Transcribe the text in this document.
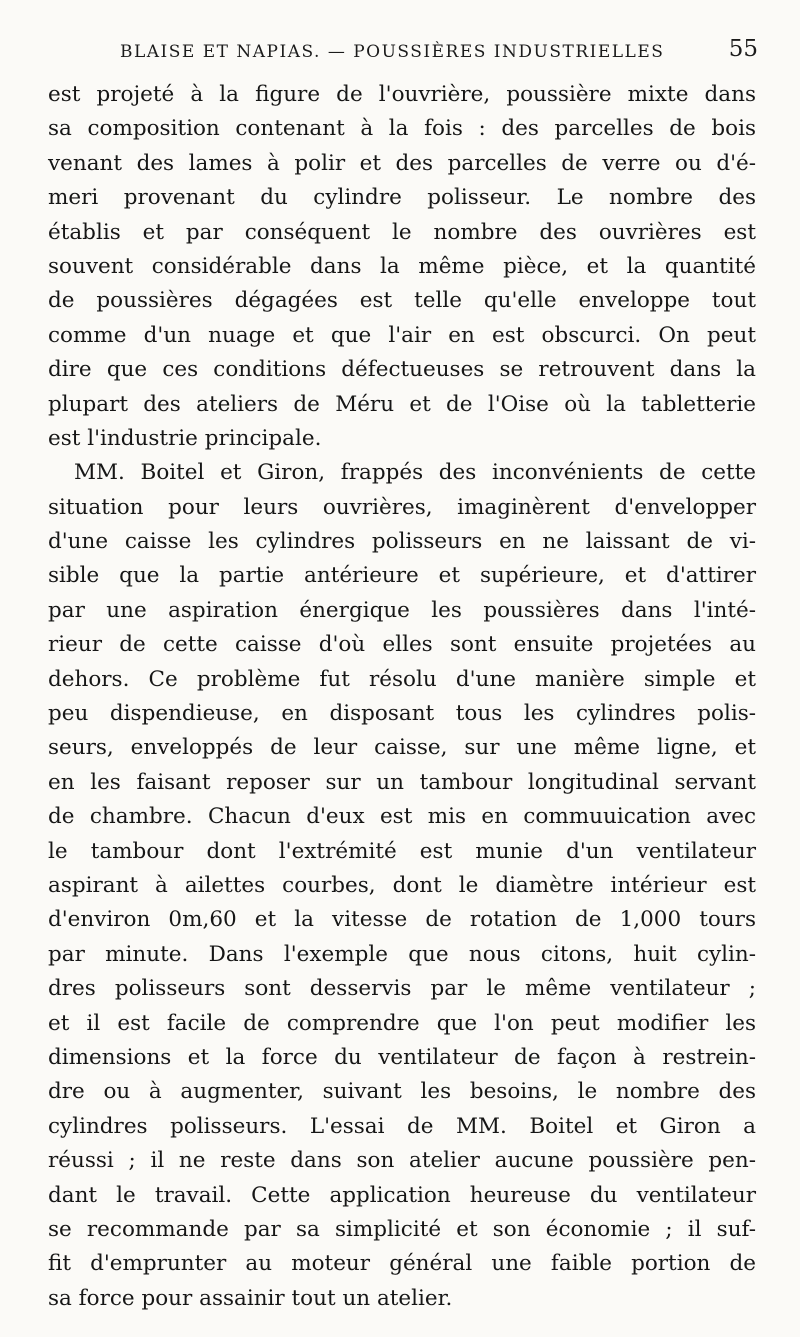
BLAISE ET NAPIAS. — POUSSIÈRES INDUSTRIELLES	55
est projeté à la figure de l'ouvrière, poussière mixte dans
sa composition contenant à la fois : des parcelles de bois
venant des lames à polir et des parcelles de verre ou d'é-
meri provenant du cylindre polisseur. Le nombre des
établis et par conséquent le nombre des ouvrières est
souvent considérable dans la même pièce, et la quantité
de poussières dégagées est telle qu'elle enveloppe tout
comme d'un nuage et que l'air en est obscurci. On peut
dire que ces conditions défectueuses se retrouvent dans la
plupart des ateliers de Méru et de l'Oise où la tabletterie
est l'industrie principale.
MM. Boitel et Giron, frappés des inconvénients de cette
situation pour leurs ouvrières, imaginèrent d'envelopper
d'une caisse les cylindres polisseurs en ne laissant de vi-
sible que la partie antérieure et supérieure, et d'attirer
par une aspiration énergique les poussières dans l'inté-
rieur de cette caisse d'où elles sont ensuite projetées au
dehors. Ce problème fut résolu d'une manière simple et
peu dispendieuse, en disposant tous les cylindres polis-
seurs, enveloppés de leur caisse, sur une même ligne, et
en les faisant reposer sur un tambour longitudinal servant
de chambre. Chacun d'eux est mis en commuuication avec
le tambour dont l'extrémité est munie d'un ventilateur
aspirant à ailettes courbes, dont le diamètre intérieur est
d'environ 0m,60 et la vitesse de rotation de 1,000 tours
par minute. Dans l'exemple que nous citons, huit cylin-
dres polisseurs sont desservis par le même ventilateur ;
et il est facile de comprendre que l'on peut modifier les
dimensions et la force du ventilateur de façon à restrein-
dre ou à augmenter, suivant les besoins, le nombre des
cylindres polisseurs. L'essai de MM. Boitel et Giron a
réussi ; il ne reste dans son atelier aucune poussière pen-
dant le travail. Cette application heureuse du ventilateur
se recommande par sa simplicité et son économie ; il suf-
fit d'emprunter au moteur général une faible portion de
sa force pour assainir tout un atelier.
